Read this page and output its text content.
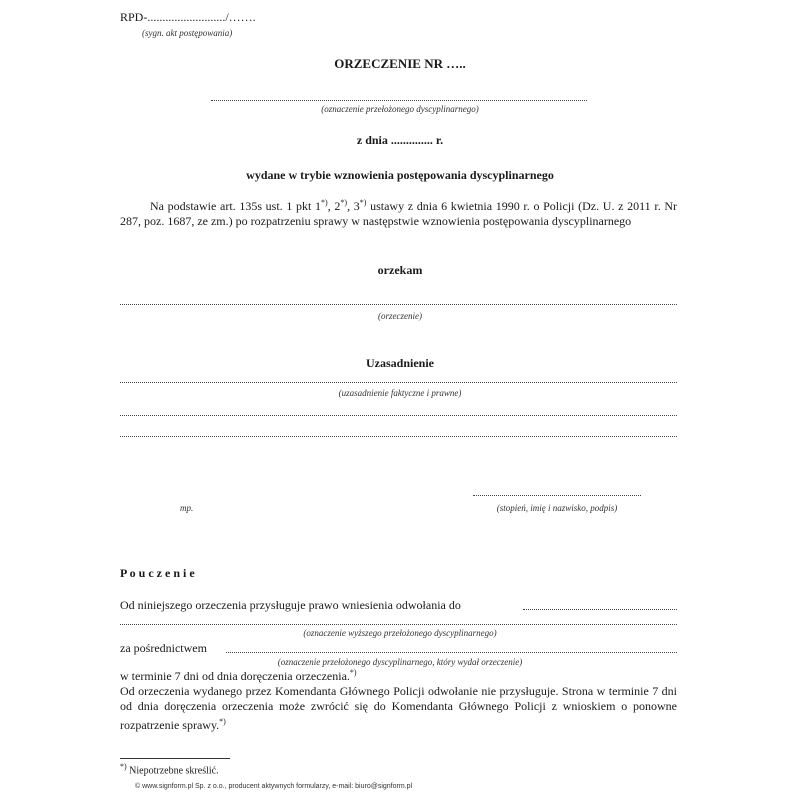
RPD-........................../…….
(sygn. akt postępowania)
ORZECZENIE NR …..
(oznaczenie przełożonego dyscyplinarnego)
z dnia .............. r.
wydane w trybie wznowienia postępowania dyscyplinarnego
Na podstawie art. 135s ust. 1 pkt 1*), 2*), 3*) ustawy z dnia 6 kwietnia 1990 r. o Policji (Dz. U. z 2011 r. Nr 287, poz. 1687, ze zm.) po rozpatrzeniu sprawy w następstwie wznowienia postępowania dyscyplinarnego
orzekam
(orzeczenie)
Uzasadnienie
(uzasadnienie faktyczne i prawne)
mp.	(stopień, imię i nazwisko, podpis)
P o u c z e n i e
Od niniejszego orzeczenia przysługuje prawo wniesienia odwołania do
(oznaczenie wyższego przełożonego dyscyplinarnego)
za pośrednictwem
(oznaczenie przełożonego dyscyplinarnego, który wydał orzeczenie)
w terminie 7 dni od dnia doręczenia orzeczenia.*)
Od orzeczenia wydanego przez Komendanta Głównego Policji odwołanie nie przysługuje. Strona w terminie 7 dni od dnia doręczenia orzeczenia może zwrócić się do Komendanta Głównego Policji z wnioskiem o ponowne rozpatrzenie sprawy.*)
*) Niepotrzebne skreślić.
© www.signform.pl Sp. z o.o., producent aktywnych formularzy, e-mail: biuro@signform.pl
